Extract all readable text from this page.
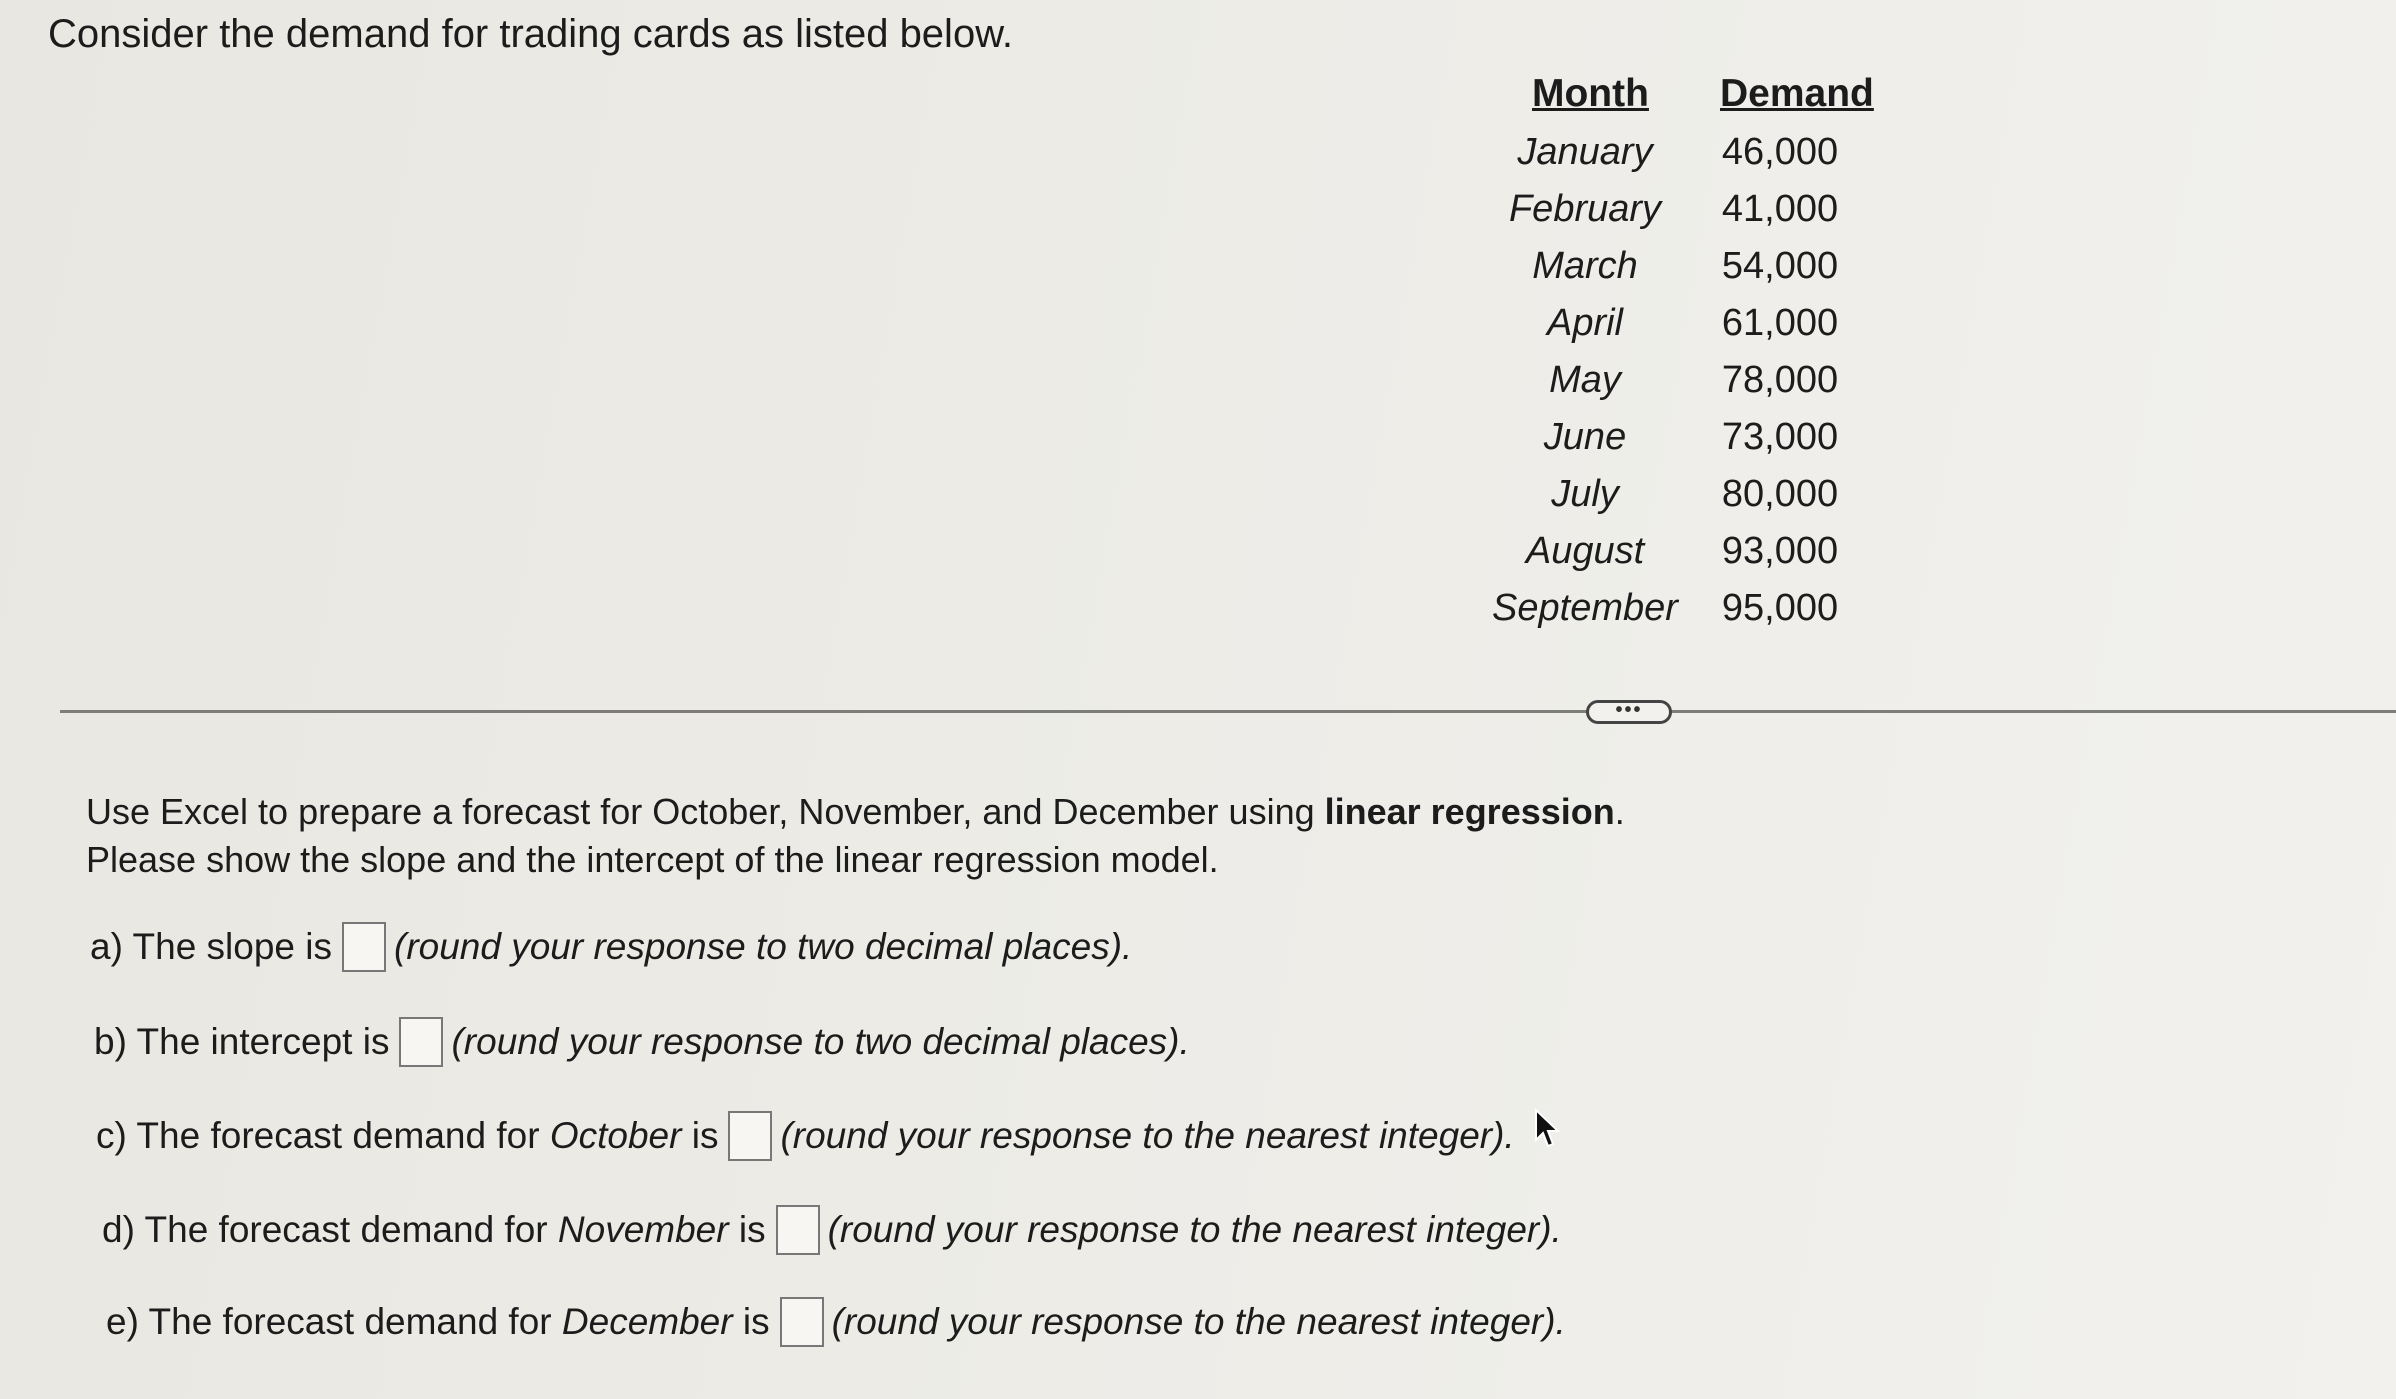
Consider the demand for trading cards as listed below.
Month Demand
January	46,000
February	41,000
March	54,000
April	61,000
May	78,000
June	73,000
July	80,000
August	93,000
September	95,000
•••
Use Excel to prepare a forecast for October, November, and December using linear regression.
Please show the slope and the intercept of the linear regression model.
a) The slope is (round your response to two decimal places).
b) The intercept is (round your response to two decimal places).
c) The forecast demand for October is (round your response to the nearest integer).
d) The forecast demand for November is (round your response to the nearest integer).
e) The forecast demand for December is (round your response to the nearest integer).
